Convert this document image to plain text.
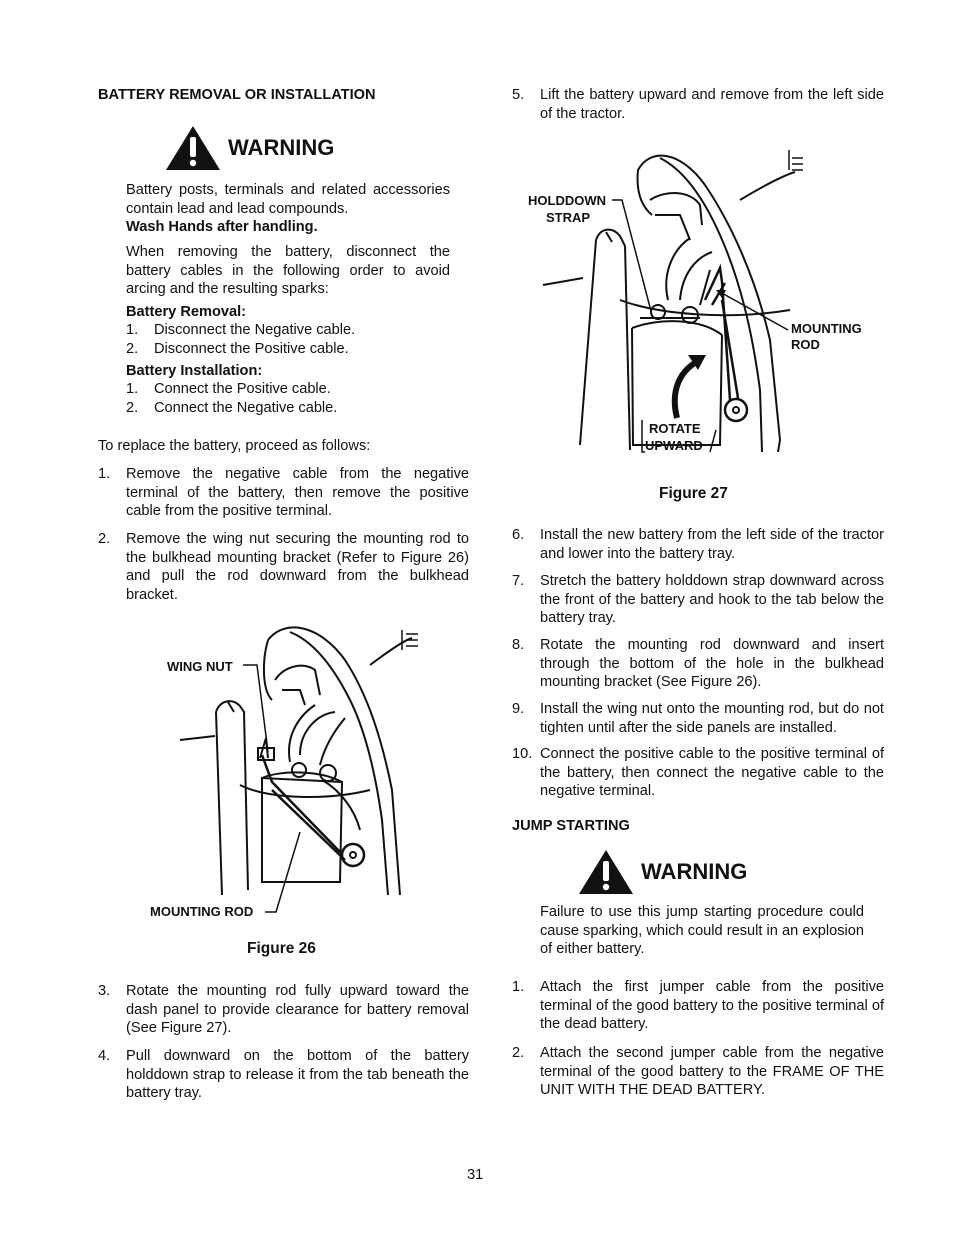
BATTERY REMOVAL OR INSTALLATION
WARNING
Battery posts, terminals and related accessories contain lead and lead compounds.
Wash Hands after handling.
When removing the battery, disconnect the battery cables in the following order to avoid arcing and the resulting sparks:
Battery Removal:
1. Disconnect the Negative cable.
2. Disconnect the Positive cable.
Battery Installation:
1. Connect the Positive cable.
2. Connect the Negative cable.
To replace the battery, proceed as follows:
1. Remove the negative cable from the negative terminal of the battery, then remove the positive cable from the positive terminal.
2. Remove the wing nut securing the mounting rod to the bulkhead mounting bracket (Refer to Figure 26) and pull the rod downward from the bulkhead bracket.
WING NUT
MOUNTING ROD
Figure 26
3. Rotate the mounting rod fully upward toward the dash panel to provide clearance for battery removal (See Figure 27).
4. Pull downward on the bottom of the battery holddown strap to release it from the tab beneath the battery tray.
5. Lift the battery upward and remove from the left side of the tractor.
HOLDDOWN
STRAP
MOUNTING
ROD
ROTATE
UPWARD
Figure 27
6. Install the new battery from the left side of the tractor and lower into the battery tray.
7. Stretch the battery holddown strap downward across the front of the battery and hook to the tab below the battery tray.
8. Rotate the mounting rod downward and insert through the bottom of the hole in the bulkhead mounting bracket (See Figure 26).
9. Install the wing nut onto the mounting rod, but do not tighten until after the side panels are installed.
10. Connect the positive cable to the positive terminal of the battery, then connect the negative cable to the negative terminal.
JUMP STARTING
WARNING
Failure to use this jump starting procedure could cause sparking, which could result in an explosion of either battery.
1. Attach the first jumper cable from the positive terminal of the good battery to the positive terminal of the dead battery.
2. Attach the second jumper cable from the negative terminal of the good battery to the FRAME OF THE UNIT WITH THE DEAD BATTERY.
31
